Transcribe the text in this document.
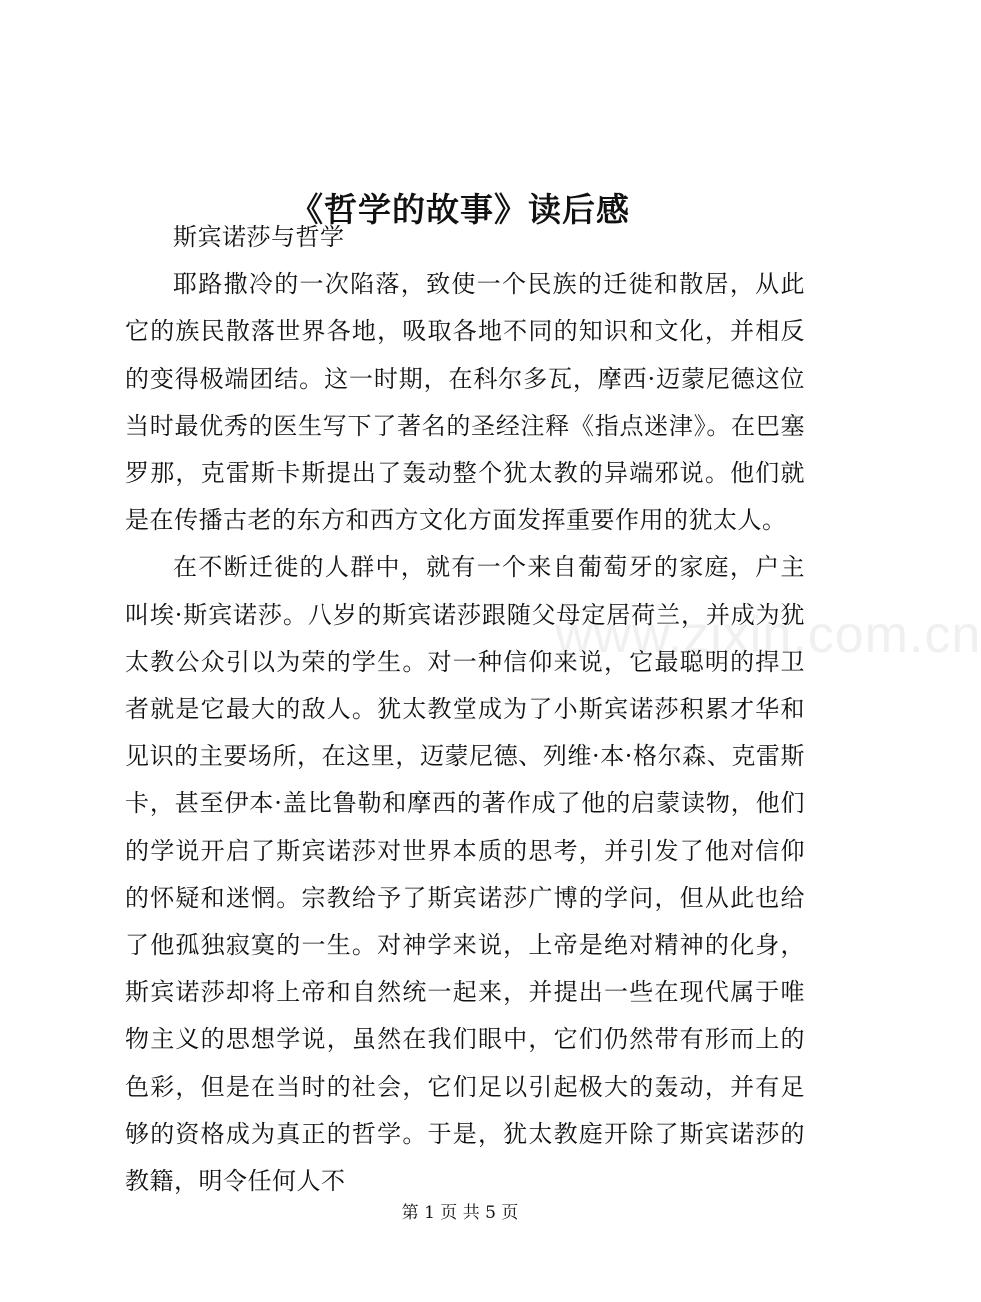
www.zixin.com.cn
《哲学的故事》读后感

斯宾诺莎与哲学

耶路撒冷的一次陷落，致使一个民族的迁徙和散居，从此它的族民散落世界各地，吸取各地不同的知识和文化，并相反的变得极端团结。这一时期，在科尔多瓦，摩西·迈蒙尼德这位当时最优秀的医生写下了著名的圣经注释《指点迷津》。在巴塞罗那，克雷斯卡斯提出了轰动整个犹太教的异端邪说。他们就是在传播古老的东方和西方文化方面发挥重要作用的犹太人。

在不断迁徙的人群中，就有一个来自葡萄牙的家庭，户主叫埃·斯宾诺莎。八岁的斯宾诺莎跟随父母定居荷兰，并成为犹太教公众引以为荣的学生。对一种信仰来说，它最聪明的捍卫者就是它最大的敌人。犹太教堂成为了小斯宾诺莎积累才华和见识的主要场所，在这里，迈蒙尼德、列维·本·格尔森、克雷斯卡，甚至伊本·盖比鲁勒和摩西的著作成了他的启蒙读物，他们的学说开启了斯宾诺莎对世界本质的思考，并引发了他对信仰的怀疑和迷惘。宗教给予了斯宾诺莎广博的学问，但从此也给了他孤独寂寞的一生。对神学来说，上帝是绝对精神的化身，斯宾诺莎却将上帝和自然统一起来，并提出一些在现代属于唯物主义的思想学说，虽然在我们眼中，它们仍然带有形而上的色彩，但是在当时的社会，它们足以引起极大的轰动，并有足够的资格成为真正的哲学。于是，犹太教庭开除了斯宾诺莎的教籍，明令任何人不

第 1 页 共 5 页
